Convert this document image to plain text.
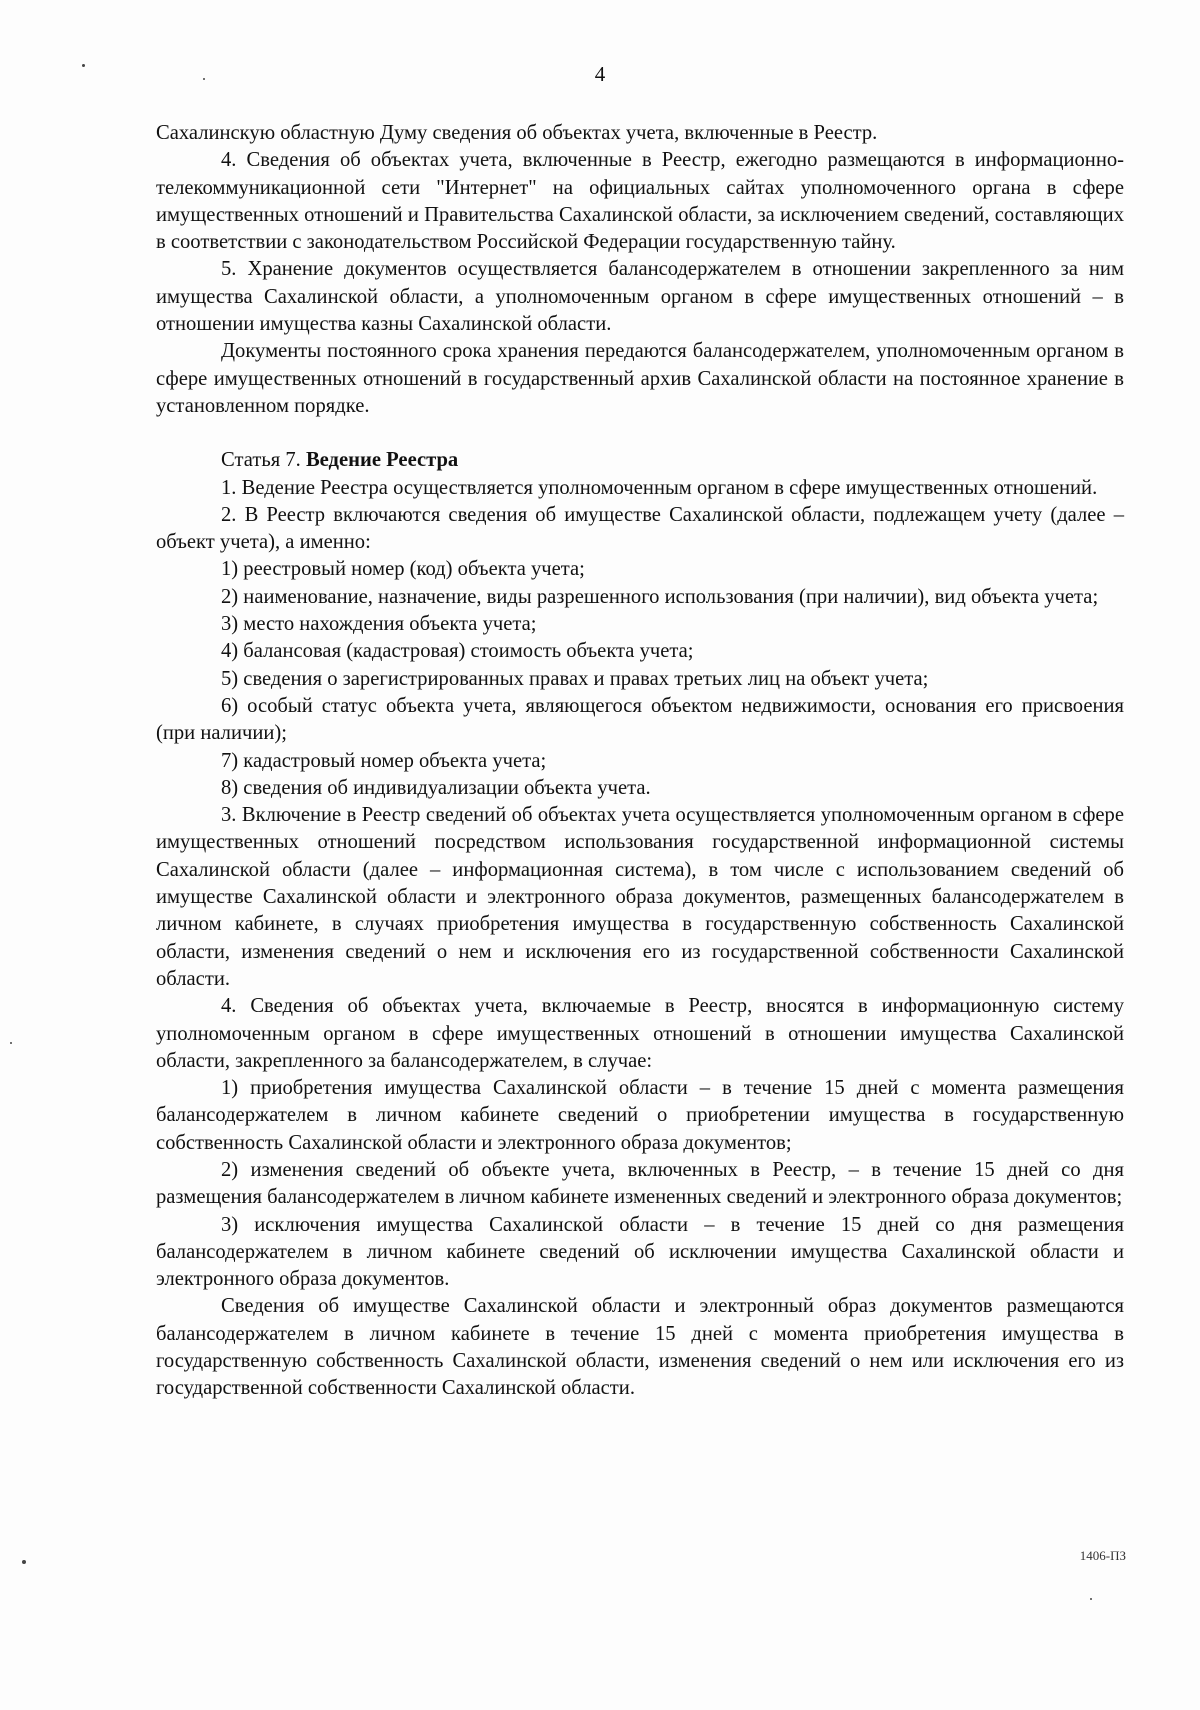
4

Сахалинскую областную Думу сведения об объектах учета, включенные в Реестр.

4. Сведения об объектах учета, включенные в Реестр, ежегодно размещаются в информационно-телекоммуникационной сети "Интернет" на официальных сайтах уполномоченного органа в сфере имущественных отношений и Правительства Сахалинской области, за исключением сведений, составляющих в соответствии с законодательством Российской Федерации государственную тайну.

5. Хранение документов осуществляется балансодержателем в отношении закрепленного за ним имущества Сахалинской области, а уполномоченным органом в сфере имущественных отношений – в отношении имущества казны Сахалинской области.

Документы постоянного срока хранения передаются балансодержателем, уполномоченным органом в сфере имущественных отношений в государственный архив Сахалинской области на постоянное хранение в установленном порядке.

Статья 7. Ведение Реестра

1. Ведение Реестра осуществляется уполномоченным органом в сфере имущественных отношений.

2. В Реестр включаются сведения об имуществе Сахалинской области, подлежащем учету (далее – объект учета), а именно:

1) реестровый номер (код) объекта учета;

2) наименование, назначение, виды разрешенного использования (при наличии), вид объекта учета;

3) место нахождения объекта учета;

4) балансовая (кадастровая) стоимость объекта учета;

5) сведения о зарегистрированных правах и правах третьих лиц на объект учета;

6) особый статус объекта учета, являющегося объектом недвижимости, основания его присвоения (при наличии);

7) кадастровый номер объекта учета;

8) сведения об индивидуализации объекта учета.

3. Включение в Реестр сведений об объектах учета осуществляется уполномоченным органом в сфере имущественных отношений посредством использования государственной информационной системы Сахалинской области (далее – информационная система), в том числе с использованием сведений об имуществе Сахалинской области и электронного образа документов, размещенных балансодержателем в личном кабинете, в случаях приобретения имущества в государственную собственность Сахалинской области, изменения сведений о нем и исключения его из государственной собственности Сахалинской области.

4. Сведения об объектах учета, включаемые в Реестр, вносятся в информационную систему уполномоченным органом в сфере имущественных отношений в отношении имущества Сахалинской области, закрепленного за балансодержателем, в случае:

1) приобретения имущества Сахалинской области – в течение 15 дней с момента размещения балансодержателем в личном кабинете сведений о приобретении имущества в государственную собственность Сахалинской области и электронного образа документов;

2) изменения сведений об объекте учета, включенных в Реестр, – в течение 15 дней со дня размещения балансодержателем в личном кабинете измененных сведений и электронного образа документов;

3) исключения имущества Сахалинской области – в течение 15 дней со дня размещения балансодержателем в личном кабинете сведений об исключении имущества Сахалинской области и электронного образа документов.

Сведения об имуществе Сахалинской области и электронный образ документов размещаются балансодержателем в личном кабинете в течение 15 дней с момента приобретения имущества в государственную собственность Сахалинской области, изменения сведений о нем или исключения его из государственной собственности Сахалинской области.

1406-ПЗ
